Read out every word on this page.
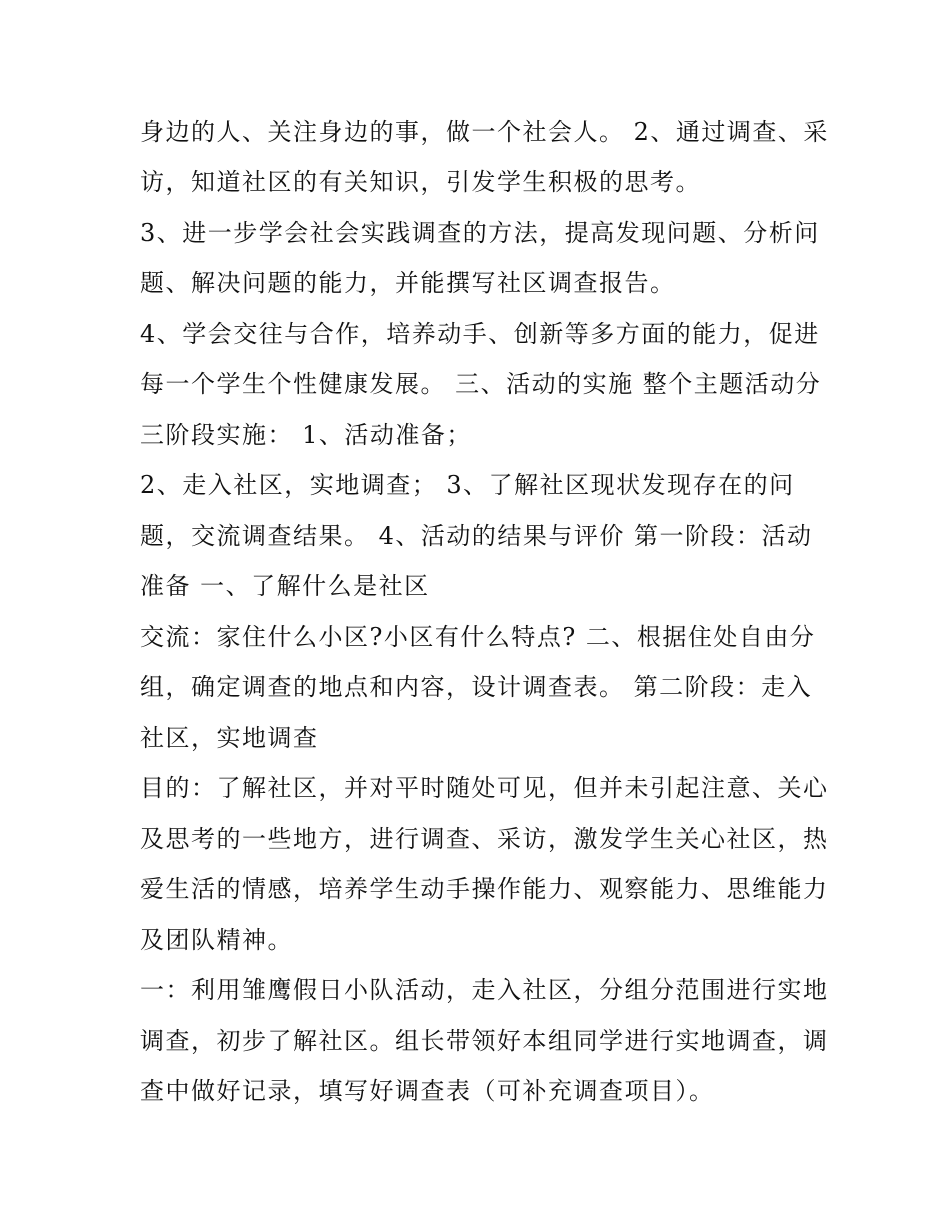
身边的人、关注身边的事，做一个社会人。 2、通过调查、采
访，知道社区的有关知识，引发学生积极的思考。
3、进一步学会社会实践调查的方法，提高发现问题、分析问
题、解决问题的能力，并能撰写社区调查报告。
4、学会交往与合作，培养动手、创新等多方面的能力，促进
每一个学生个性健康发展。 三、活动的实施 整个主题活动分
三阶段实施： 1、活动准备；
2、走入社区，实地调查； 3、了解社区现状发现存在的问
题，交流调查结果。 4、活动的结果与评价 第一阶段：活动
准备 一、了解什么是社区
交流：家住什么小区?小区有什么特点? 二、根据住处自由分
组，确定调查的地点和内容，设计调查表。 第二阶段：走入
社区，实地调查
目的：了解社区，并对平时随处可见，但并未引起注意、关心
及思考的一些地方，进行调查、采访，激发学生关心社区，热
爱生活的情感，培养学生动手操作能力、观察能力、思维能力
及团队精神。
一：利用雏鹰假日小队活动，走入社区，分组分范围进行实地
调查，初步了解社区。组长带领好本组同学进行实地调查，调
查中做好记录，填写好调查表（可补充调查项目）。
